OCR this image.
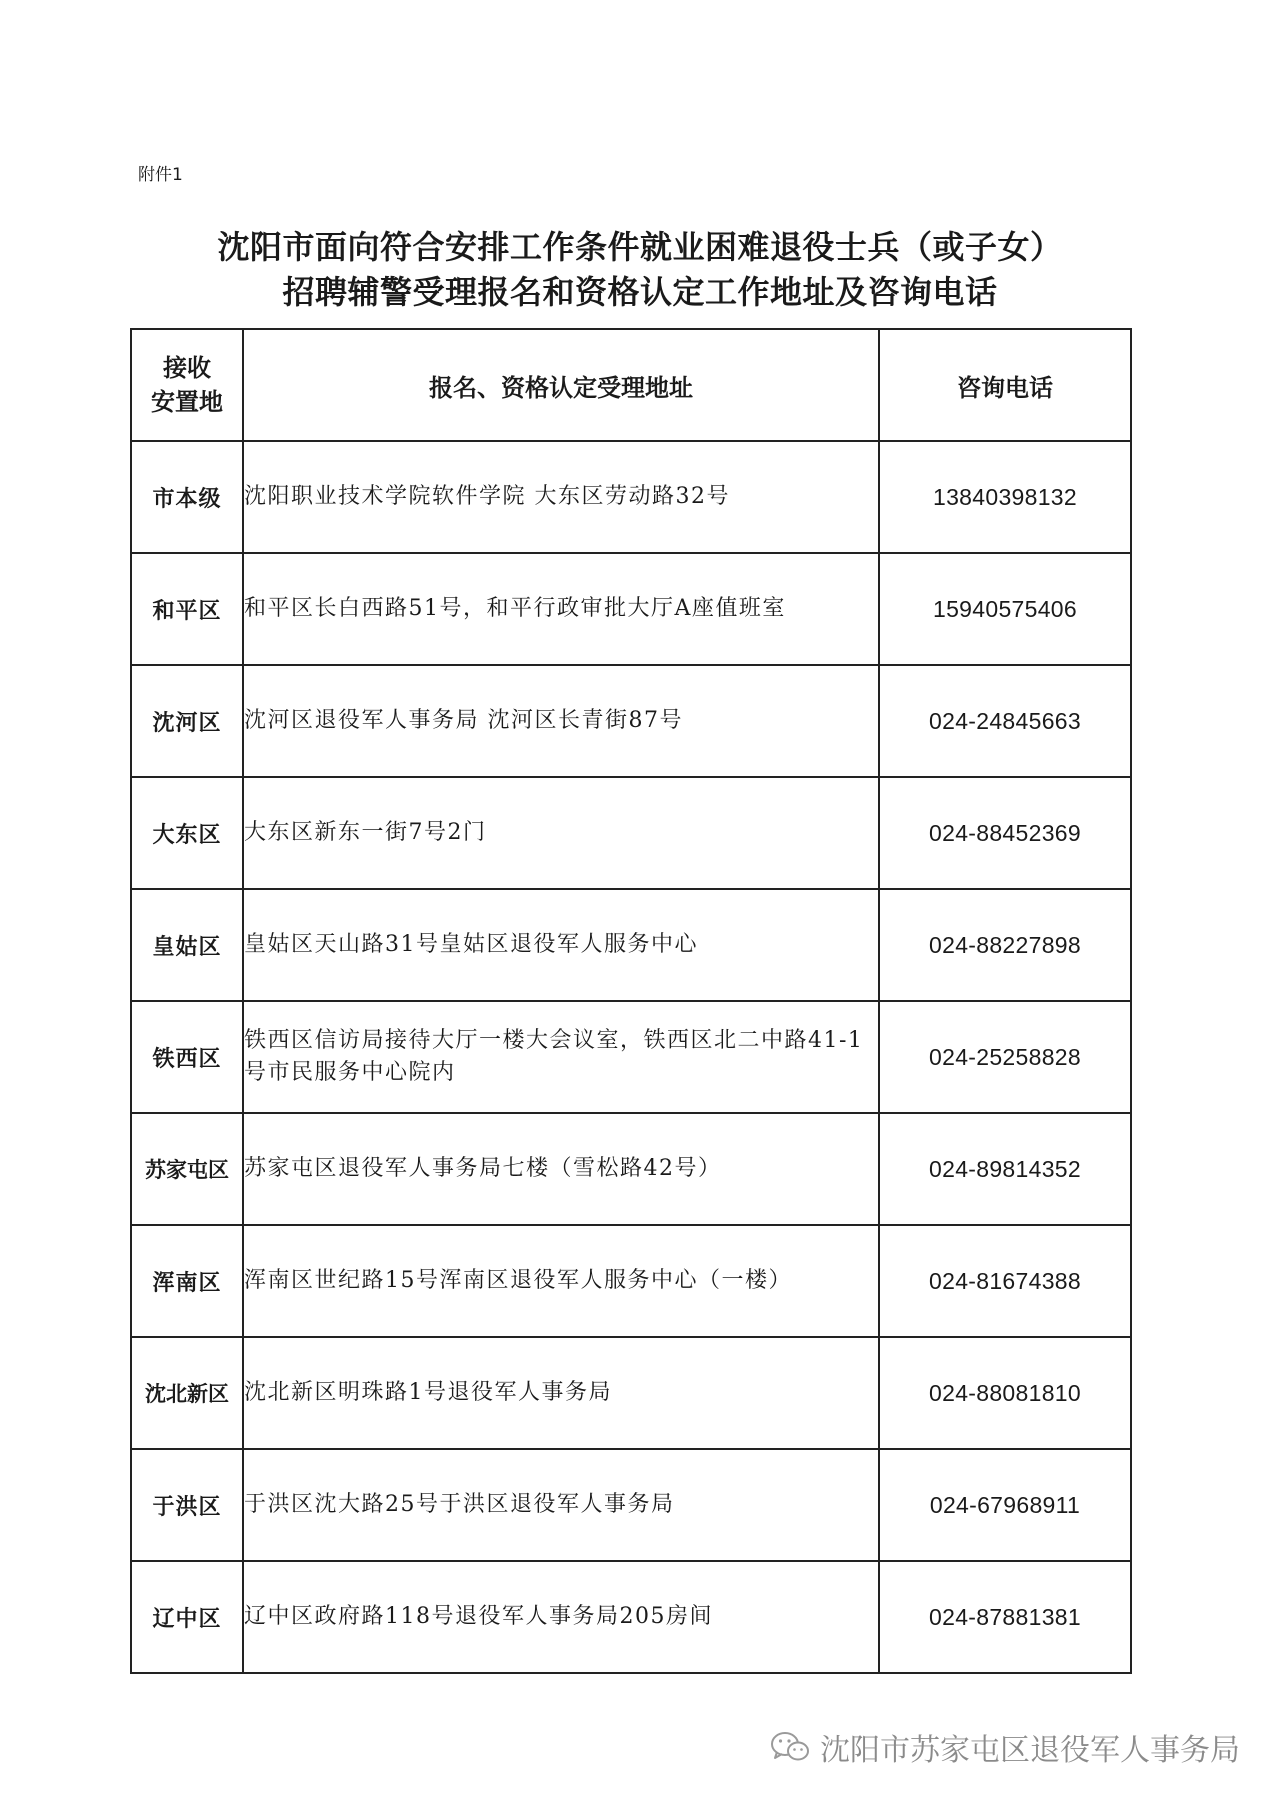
附件1
沈阳市面向符合安排工作条件就业困难退役士兵（或子女）
招聘辅警受理报名和资格认定工作地址及咨询电话
接收
安置地	报名、资格认定受理地址	咨询电话
市本级	沈阳职业技术学院软件学院 大东区劳动路32号	13840398132
和平区	和平区长白西路51号，和平行政审批大厅A座值班室	15940575406
沈河区	沈河区退役军人事务局 沈河区长青街87号	024-24845663
大东区	大东区新东一街7号2门	024-88452369
皇姑区	皇姑区天山路31号皇姑区退役军人服务中心	024-88227898
铁西区	铁西区信访局接待大厅一楼大会议室，铁西区北二中路41-1号市民服务中心院内	024-25258828
苏家屯区	苏家屯区退役军人事务局七楼（雪松路42号）	024-89814352
浑南区	浑南区世纪路15号浑南区退役军人服务中心（一楼）	024-81674388
沈北新区	沈北新区明珠路1号退役军人事务局	024-88081810
于洪区	于洪区沈大路25号于洪区退役军人事务局	024-67968911
辽中区	辽中区政府路118号退役军人事务局205房间	024-87881381
沈阳市苏家屯区退役军人事务局
